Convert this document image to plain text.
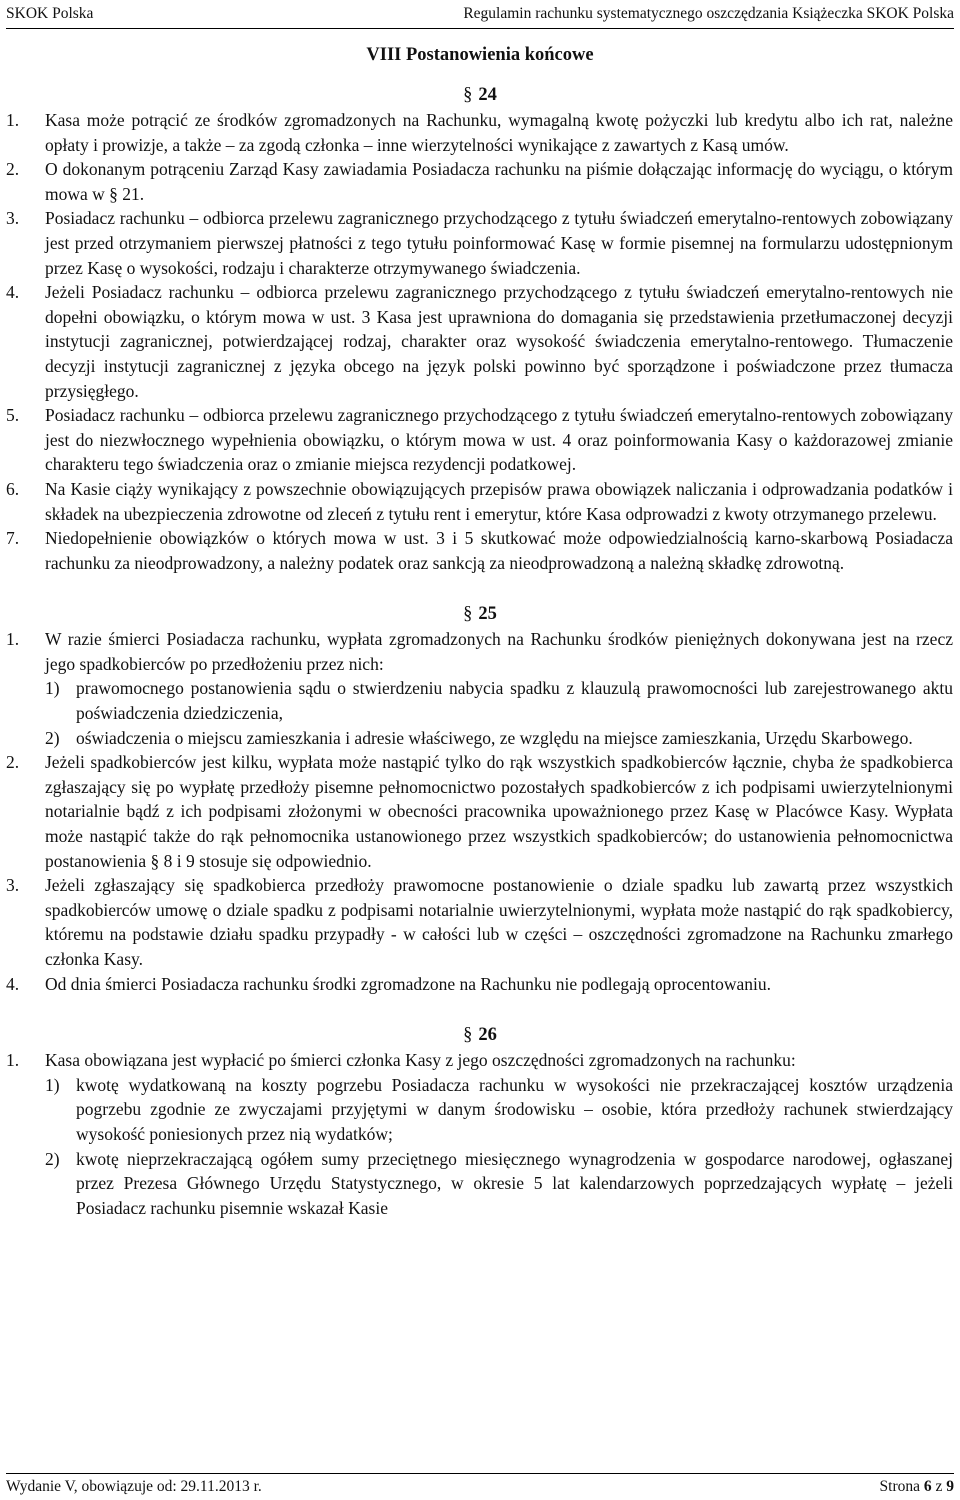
SKOK Polska	Regulamin rachunku systematycznego oszczędzania Książeczka SKOK Polska
VIII Postanowienia końcowe
§ 24
1. Kasa może potrącić ze środków zgromadzonych na Rachunku, wymagalną kwotę pożyczki lub kredytu albo ich rat, należne opłaty i prowizje, a także – za zgodą członka – inne wierzytelności wynikające z zawartych z Kasą umów.
2. O dokonanym potrąceniu Zarząd Kasy zawiadamia Posiadacza rachunku na piśmie dołączając informację do wyciągu, o którym mowa w § 21.
3. Posiadacz rachunku – odbiorca przelewu zagranicznego przychodzącego z tytułu świadczeń emerytalno-rentowych zobowiązany jest przed otrzymaniem pierwszej płatności z tego tytułu poinformować Kasę w formie pisemnej na formularzu udostępnionym przez Kasę o wysokości, rodzaju i charakterze otrzymywanego świadczenia.
4. Jeżeli Posiadacz rachunku – odbiorca przelewu zagranicznego przychodzącego z tytułu świadczeń emerytalno-rentowych nie dopełni obowiązku, o którym mowa w ust. 3 Kasa jest uprawniona do domagania się przedstawienia przetłumaczonej decyzji instytucji zagranicznej, potwierdzającej rodzaj, charakter oraz wysokość świadczenia emerytalno-rentowego. Tłumaczenie decyzji instytucji zagranicznej z języka obcego na język polski powinno być sporządzone i poświadczone przez tłumacza przysięgłego.
5. Posiadacz rachunku – odbiorca przelewu zagranicznego przychodzącego z tytułu świadczeń emerytalno-rentowych zobowiązany jest do niezwłocznego wypełnienia obowiązku, o którym mowa w ust. 4 oraz poinformowania Kasy o każdorazowej zmianie charakteru tego świadczenia oraz o zmianie miejsca rezydencji podatkowej.
6. Na Kasie ciąży wynikający z powszechnie obowiązujących przepisów prawa obowiązek naliczania i odprowadzania podatków i składek na ubezpieczenia zdrowotne od zleceń z tytułu rent i emerytur, które Kasa odprowadzi z kwoty otrzymanego przelewu.
7. Niedopełnienie obowiązków o których mowa w ust. 3 i 5 skutkować może odpowiedzialnością karno-skarbową Posiadacza rachunku za nieodprowadzony, a należny podatek oraz sankcją za nieodprowadzoną a należną składkę zdrowotną.
§ 25
1. W razie śmierci Posiadacza rachunku, wypłata zgromadzonych na Rachunku środków pieniężnych dokonywana jest na rzecz jego spadkobierców po przedłożeniu przez nich:
1) prawomocnego postanowienia sądu o stwierdzeniu nabycia spadku z klauzulą prawomocności lub zarejestrowanego aktu poświadczenia dziedziczenia,
2) oświadczenia o miejscu zamieszkania i adresie właściwego, ze względu na miejsce zamieszkania, Urzędu Skarbowego.
2. Jeżeli spadkobierców jest kilku, wypłata może nastąpić tylko do rąk wszystkich spadkobierców łącznie, chyba że spadkobierca zgłaszający się po wypłatę przedłoży pisemne pełnomocnictwo pozostałych spadkobierców z ich podpisami uwierzytelnionymi notarialnie bądź z ich podpisami złożonymi w obecności pracownika upoważnionego przez Kasę w Placówce Kasy. Wypłata może nastąpić także do rąk pełnomocnika ustanowionego przez wszystkich spadkobierców; do ustanowienia pełnomocnictwa postanowienia § 8 i 9 stosuje się odpowiednio.
3. Jeżeli zgłaszający się spadkobierca przedłoży prawomocne postanowienie o dziale spadku lub zawartą przez wszystkich spadkobierców umowę o dziale spadku z podpisami notarialnie uwierzytelnionymi, wypłata może nastąpić do rąk spadkobiercy, któremu na podstawie działu spadku przypadły - w całości lub w części – oszczędności zgromadzone na Rachunku zmarłego członka Kasy.
4. Od dnia śmierci Posiadacza rachunku środki zgromadzone na Rachunku nie podlegają oprocentowaniu.
§ 26
1. Kasa obowiązana jest wypłacić po śmierci członka Kasy z jego oszczędności zgromadzonych na rachunku:
1) kwotę wydatkowaną na koszty pogrzebu Posiadacza rachunku w wysokości nie przekraczającej kosztów urządzenia pogrzebu zgodnie ze zwyczajami przyjętymi w danym środowisku – osobie, która przedłoży rachunek stwierdzający wysokość poniesionych przez nią wydatków;
2) kwotę nieprzekraczającą ogółem sumy przeciętnego miesięcznego wynagrodzenia w gospodarce narodowej, ogłaszanej przez Prezesa Głównego Urzędu Statystycznego, w okresie 5 lat kalendarzowych poprzedzających wypłatę – jeżeli Posiadacz rachunku pisemnie wskazał Kasie
Wydanie V, obowiązuje od: 29.11.2013 r.	Strona 6 z 9
